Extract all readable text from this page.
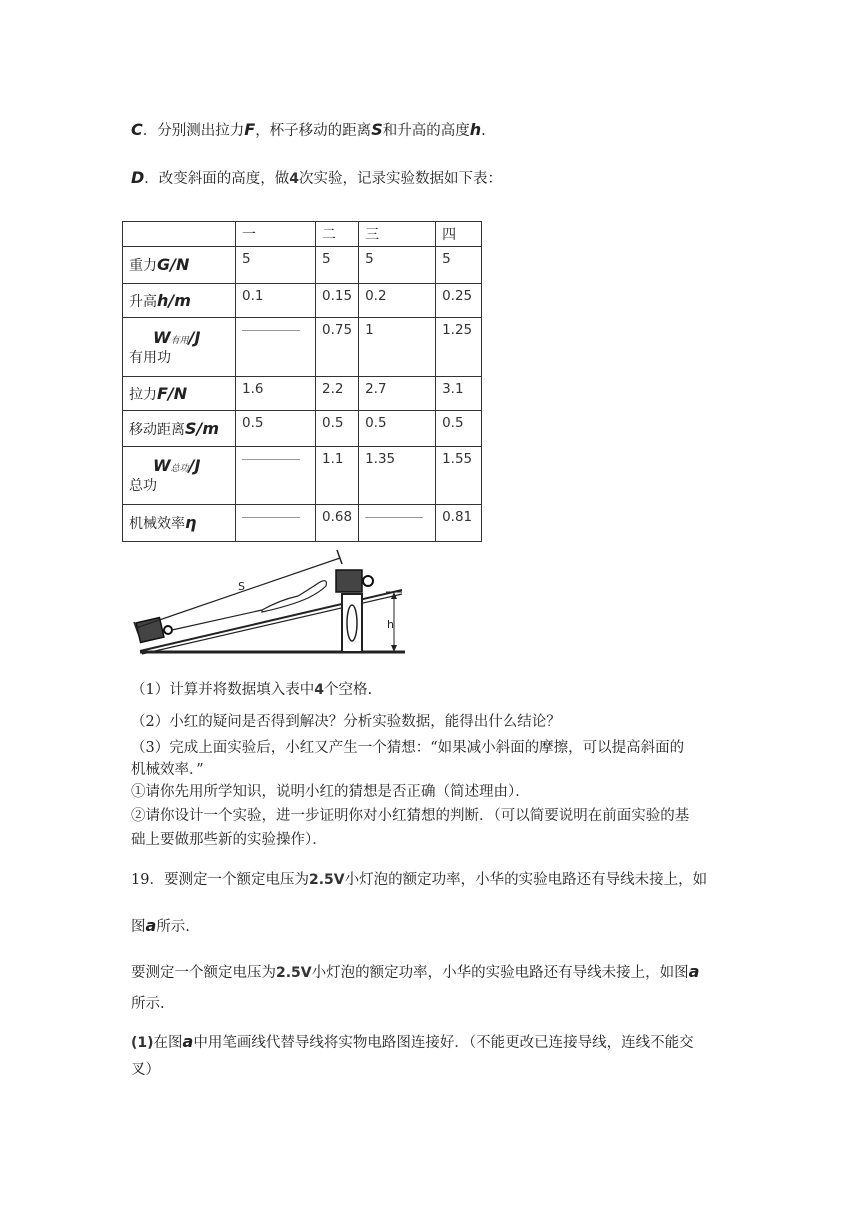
C．分别测出拉力F，杯子移动的距离S和升高的高度h.
D．改变斜面的高度，做4次实验，记录实验数据如下表：
	一	二	三	四
重力G/N	5	5	5	5
升高h/m	0.1	0.15	0.2	0.25

W有用/J
有用功		0.75	1	1.25
拉力F/N	1.6	2.2	2.7	3.1
移动距离S/m	0.5	0.5	0.5	0.5

W总功/J
总功		1.1	1.35	1.55
机械效率η		0.68		0.81
S
h
（1）计算并将数据填入表中4个空格.
（2）小红的疑问是否得到解决？分析实验数据，能得出什么结论？
（3）完成上面实验后，小红又产生一个猜想：“如果减小斜面的摩擦，可以提高斜面的
机械效率．”
①请你先用所学知识，说明小红的猜想是否正确（简述理由）．
②请你设计一个实验，进一步证明你对小红猜想的判断．（可以简要说明在前面实验的基
础上要做那些新的实验操作）．
19．要测定一个额定电压为2.5V小灯泡的额定功率，小华的实验电路还有导线未接上，如
图a所示.
要测定一个额定电压为2.5V小灯泡的额定功率，小华的实验电路还有导线未接上，如图a
所示.
(1)在图a中用笔画线代替导线将实物电路图连接好．（不能更改已连接导线，连线不能交
叉）
